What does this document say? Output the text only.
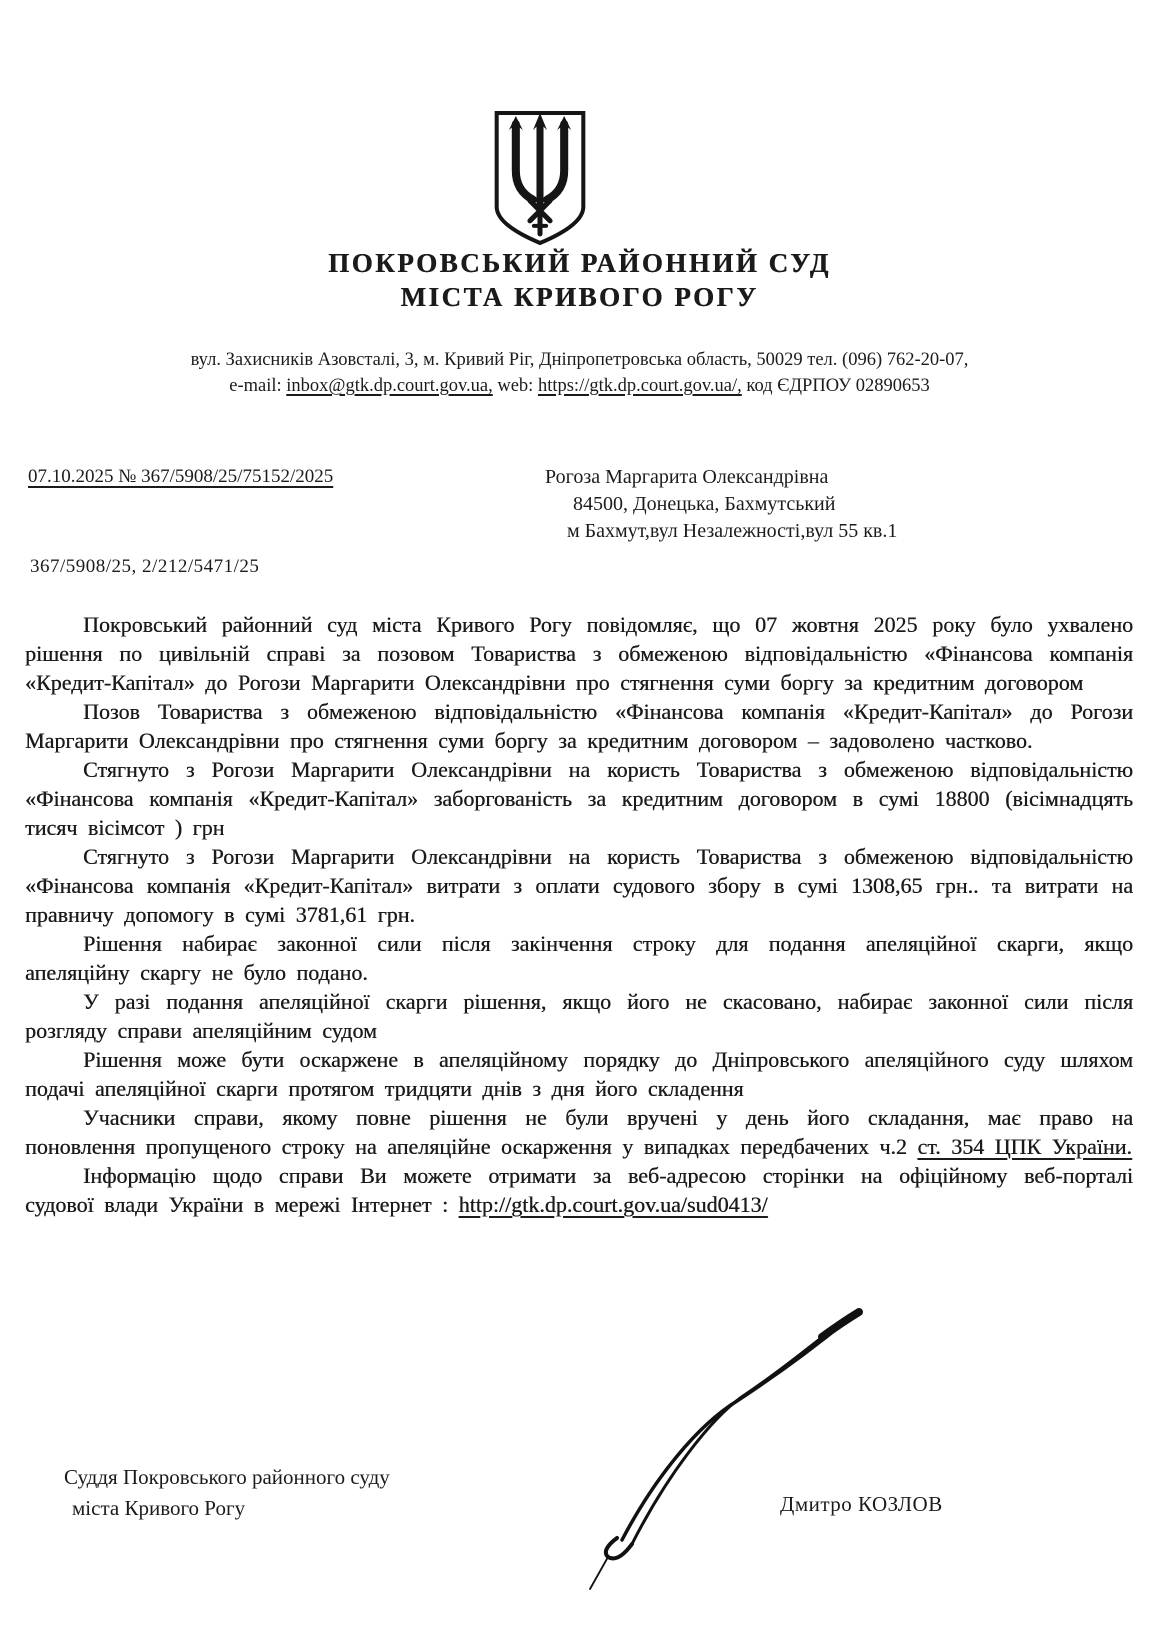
ПОКРОВСЬКИЙ РАЙОННИЙ СУД
МІСТА КРИВОГО РОГУ
вул. Захисників Азовсталі, 3, м. Кривий Ріг, Дніпропетровська область, 50029 тел. (096) 762-20-07,
e-mail: inbox@gtk.dp.court.gov.ua, web: https://gtk.dp.court.gov.ua/, код ЄДРПОУ 02890653
07.10.2025 № 367/5908/25/75152/2025	Рогоза Маргарита Олександрівна
84500, Донецька, Бахмутський
м Бахмут,вул Незалежності,вул 55 кв.1
367/5908/25, 2/212/5471/25

Покровський районний суд міста Кривого Рогу повідомляє, що 07 жовтня 2025 року було ухвалено рішення по цивільній справі за позовом Товариства з обмеженою відповідальністю «Фінансова компанія «Кредит-Капітал» до Рогози Маргарити Олександрівни про стягнення суми боргу за кредитним договором

Позов Товариства з обмеженою відповідальністю «Фінансова компанія «Кредит-Капітал» до Рогози Маргарити Олександрівни про стягнення суми боргу за кредитним договором – задоволено частково.

Стягнуто з Рогози Маргарити Олександрівни на користь Товариства з обмеженою відповідальністю «Фінансова компанія «Кредит-Капітал» заборгованість за кредитним договором в сумі 18800 (вісімнадцять тисяч вісімсот ) грн

Стягнуто з Рогози Маргарити Олександрівни на користь Товариства з обмеженою відповідальністю «Фінансова компанія «Кредит-Капітал» витрати з оплати судового збору в сумі 1308,65 грн.. та витрати на правничу допомогу в сумі 3781,61 грн.

Рішення набирає законної сили після закінчення строку для подання апеляційної скарги, якщо апеляційну скаргу не було подано.

У разі подання апеляційної скарги рішення, якщо його не скасовано, набирає законної сили після розгляду справи апеляційним судом

Рішення може бути оскаржене в апеляційному порядку до Дніпровського апеляційного суду шляхом подачі апеляційної скарги протягом тридцяти днів з дня його складення

Учасники справи, якому повне рішення не були вручені у день його складання, має право на поновлення пропущеного строку на апеляційне оскарження у випадках передбачених ч.2 ст. 354 ЦПК України.

Інформацію щодо справи Ви можете отримати за веб-адресою сторінки на офіційному веб-порталі судової влади України в мережі Інтернет : http://gtk.dp.court.gov.ua/sud0413/

Суддя Покровського районного суду
міста Кривого Рогу	Дмитро КОЗЛОВ
